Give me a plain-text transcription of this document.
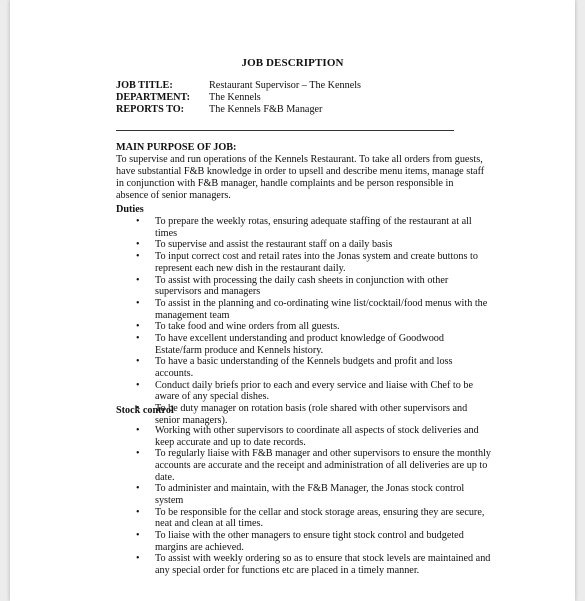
JOB DESCRIPTION
JOB TITLE:	Restaurant Supervisor – The Kennels
DEPARTMENT:	The Kennels
REPORTS TO:	The Kennels F&B Manager
MAIN PURPOSE OF JOB:
To supervise and run operations of the Kennels Restaurant. To take all orders from guests, have substantial F&B knowledge in order to upsell and describe menu items, manage staff in conjunction with F&B manager, handle complaints and be person responsible in absence of senior managers.
Duties
• To prepare the weekly rotas, ensuring adequate staffing of the restaurant at all times
• To supervise and assist the restaurant staff on a daily basis
• To input correct cost and retail rates into the Jonas system and create buttons to represent each new dish in the restaurant daily.
• To assist with processing the daily cash sheets in conjunction with other supervisors and managers
• To assist in the planning and co-ordinating wine list/cocktail/food menus with the management team
• To take food and wine orders from all guests.
• To have excellent understanding and product knowledge of Goodwood Estate/farm produce and Kennels history.
• To have a basic understanding of the Kennels budgets and profit and loss accounts.
• Conduct daily briefs prior to each and every service and liaise with Chef to be aware of any special dishes.
• To be duty manager on rotation basis (role shared with other supervisors and senior managers).
Stock control
• Working with other supervisors to coordinate all aspects of stock deliveries and keep accurate and up to date records.
• To regularly liaise with F&B manager and other supervisors to ensure the monthly accounts are accurate and the receipt and administration of all deliveries are up to date.
• To administer and maintain, with the F&B Manager, the Jonas stock control system
• To be responsible for the cellar and stock storage areas, ensuring they are secure, neat and clean at all times.
• To liaise with the other managers to ensure tight stock control and budgeted margins are achieved.
• To assist with weekly ordering so as to ensure that stock levels are maintained and any special order for functions etc are placed in a timely manner.
